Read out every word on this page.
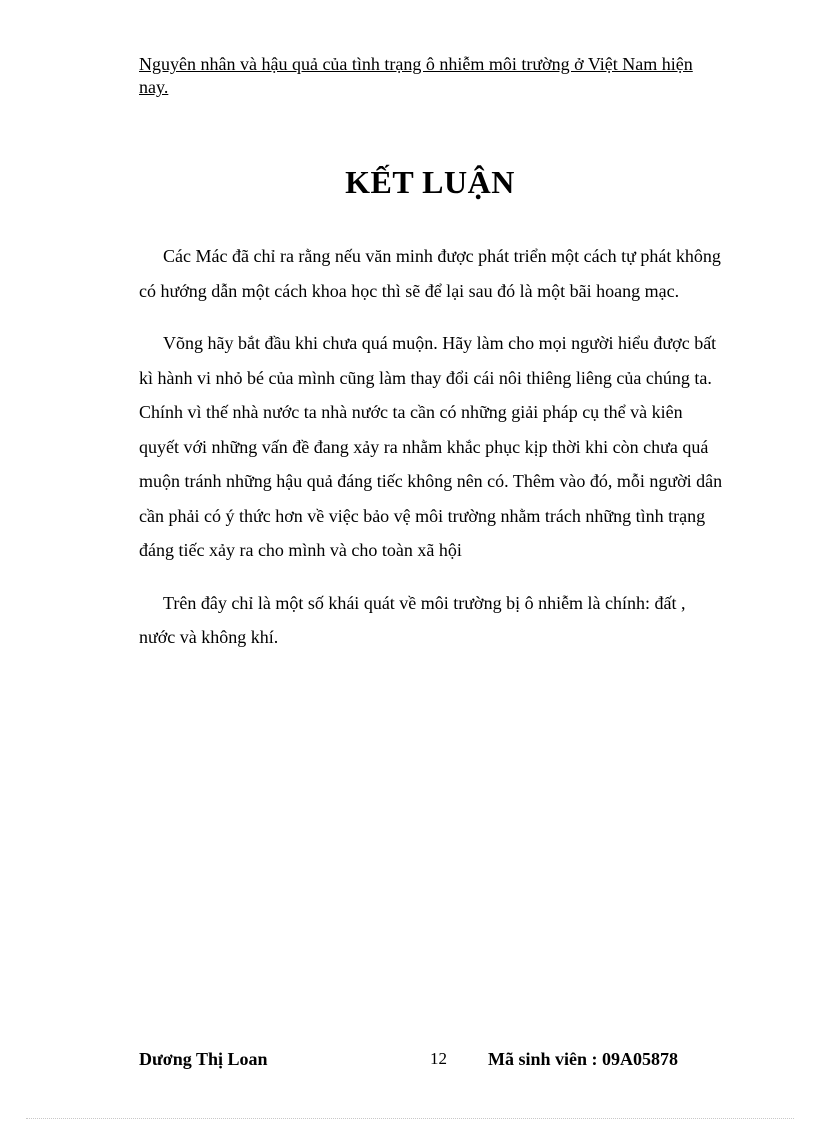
Nguyên nhân và hậu quả của tình trạng ô nhiễm môi trường ở Việt Nam hiện nay.
KẾT LUẬN

Các Mác đã chỉ ra rằng nếu văn minh được phát triển một cách tự phát không có hướng dẫn một cách khoa học thì sẽ để lại sau đó là một bãi hoang mạc.

Võng hãy bắt đầu khi chưa quá muộn. Hãy làm cho mọi người hiểu được bất kì hành vi nhỏ bé của mình cũng làm thay đổi cái nôi thiêng liêng của chúng ta. Chính vì thế nhà nước ta nhà nước ta cần có những giải pháp cụ thể và kiên quyết với những vấn đề đang xảy ra nhằm khắc phục kịp thời khi còn chưa quá muộn tránh những hậu quả đáng tiếc không nên có. Thêm vào đó, mỗi người dân cần phải có ý thức hơn về việc bảo vệ môi trường nhằm trách những tình trạng đáng tiếc xảy ra cho mình và cho toàn xã hội

Trên đây chỉ là một số khái quát về môi trường bị ô nhiễm là chính: đất , nước và không khí.

Dương Thị Loan	12 Mã sinh viên : 09A05878
